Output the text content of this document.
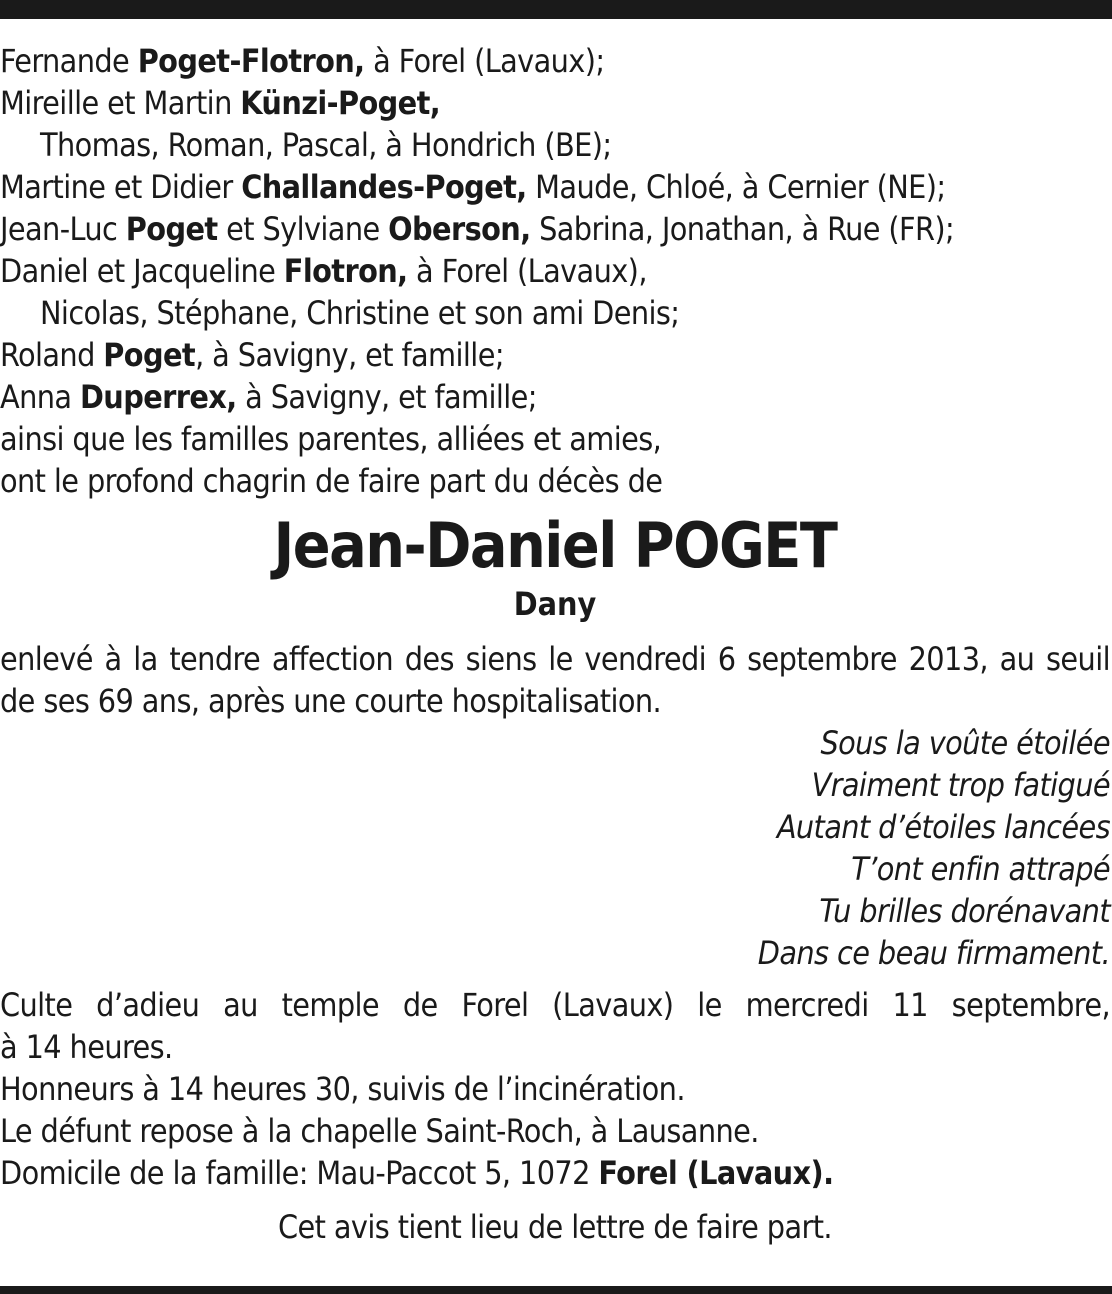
Fernande Poget-Flotron, à Forel (Lavaux);
Mireille et Martin Künzi-Poget,
Thomas, Roman, Pascal, à Hondrich (BE);
Martine et Didier Challandes-Poget, Maude, Chloé, à Cernier (NE);
Jean-Luc Poget et Sylviane Oberson, Sabrina, Jonathan, à Rue (FR);
Daniel et Jacqueline Flotron, à Forel (Lavaux),
Nicolas, Stéphane, Christine et son ami Denis;
Roland Poget, à Savigny, et famille;
Anna Duperrex, à Savigny, et famille;
ainsi que les familles parentes, alliées et amies,
ont le profond chagrin de faire part du décès de
Jean-Daniel POGET
Dany
enlevé à la tendre affection des siens le vendredi 6 septembre 2013, au seuil de ses 69 ans, après une courte hospitalisation.
Sous la voûte étoilée
Vraiment trop fatigué
Autant d’étoiles lancées
T’ont enfin attrapé
Tu brilles dorénavant
Dans ce beau firmament.
Culte d’adieu au temple de Forel (Lavaux) le mercredi 11 septembre,
à 14 heures.
Honneurs à 14 heures 30, suivis de l’incinération.
Le défunt repose à la chapelle Saint-Roch, à Lausanne.
Domicile de la famille: Mau-Paccot 5, 1072 Forel (Lavaux).
Cet avis tient lieu de lettre de faire part.
